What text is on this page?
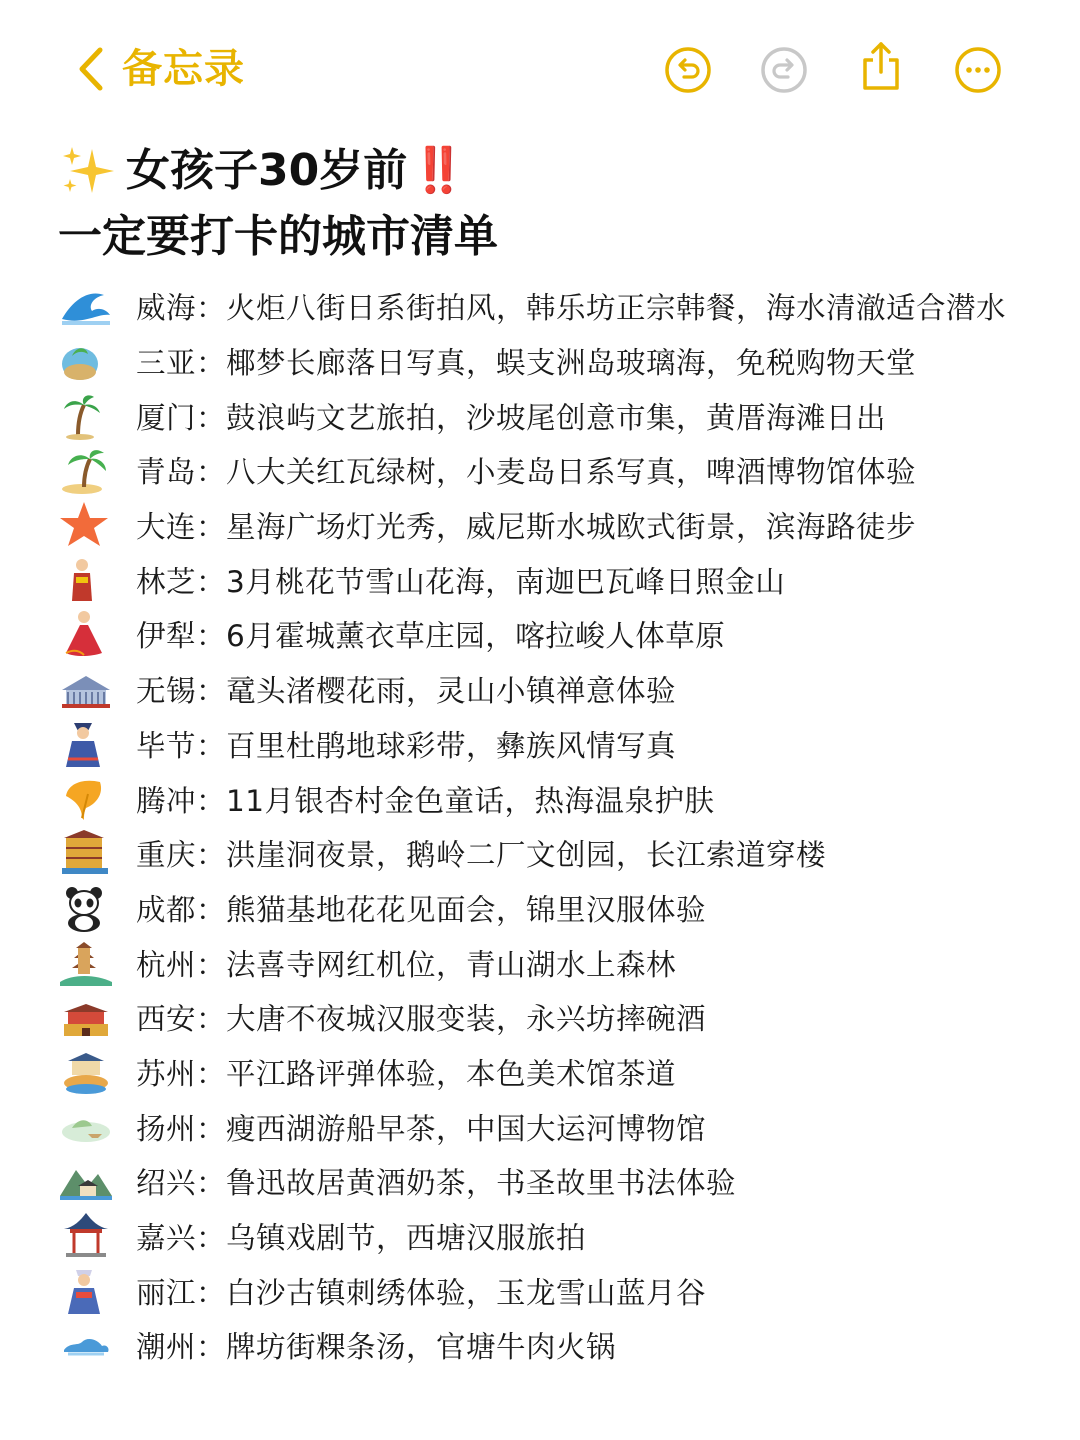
备忘录
女孩子30岁前 ‼️
一定要打卡的城市清单
威海： 火炬八街日系街拍风，韩乐坊正宗韩餐，海水清澈适合潜水
三亚： 椰梦长廊落日写真，蜈支洲岛玻璃海，免税购物天堂
厦门： 鼓浪屿文艺旅拍，沙坡尾创意市集，黄厝海滩日出
青岛： 八大关红瓦绿树，小麦岛日系写真，啤酒博物馆体验
大连： 星海广场灯光秀，威尼斯水城欧式街景，滨海路徒步
林芝： 3月桃花节雪山花海，南迦巴瓦峰日照金山
伊犁： 6月霍城薰衣草庄园，喀拉峻人体草原
无锡： 鼋头渚樱花雨，灵山小镇禅意体验
毕节： 百里杜鹃地球彩带，彝族风情写真
腾冲： 11月银杏村金色童话，热海温泉护肤
重庆： 洪崖洞夜景，鹅岭二厂文创园，长江索道穿楼
成都： 熊猫基地花花见面会，锦里汉服体验
杭州： 法喜寺网红机位，青山湖水上森林
西安： 大唐不夜城汉服变装，永兴坊摔碗酒
苏州： 平江路评弹体验，本色美术馆茶道
扬州： 瘦西湖游船早茶，中国大运河博物馆
绍兴： 鲁迅故居黄酒奶茶，书圣故里书法体验
嘉兴： 乌镇戏剧节，西塘汉服旅拍
丽江： 白沙古镇刺绣体验，玉龙雪山蓝月谷
潮州： 牌坊街粿条汤，官塘牛肉火锅
